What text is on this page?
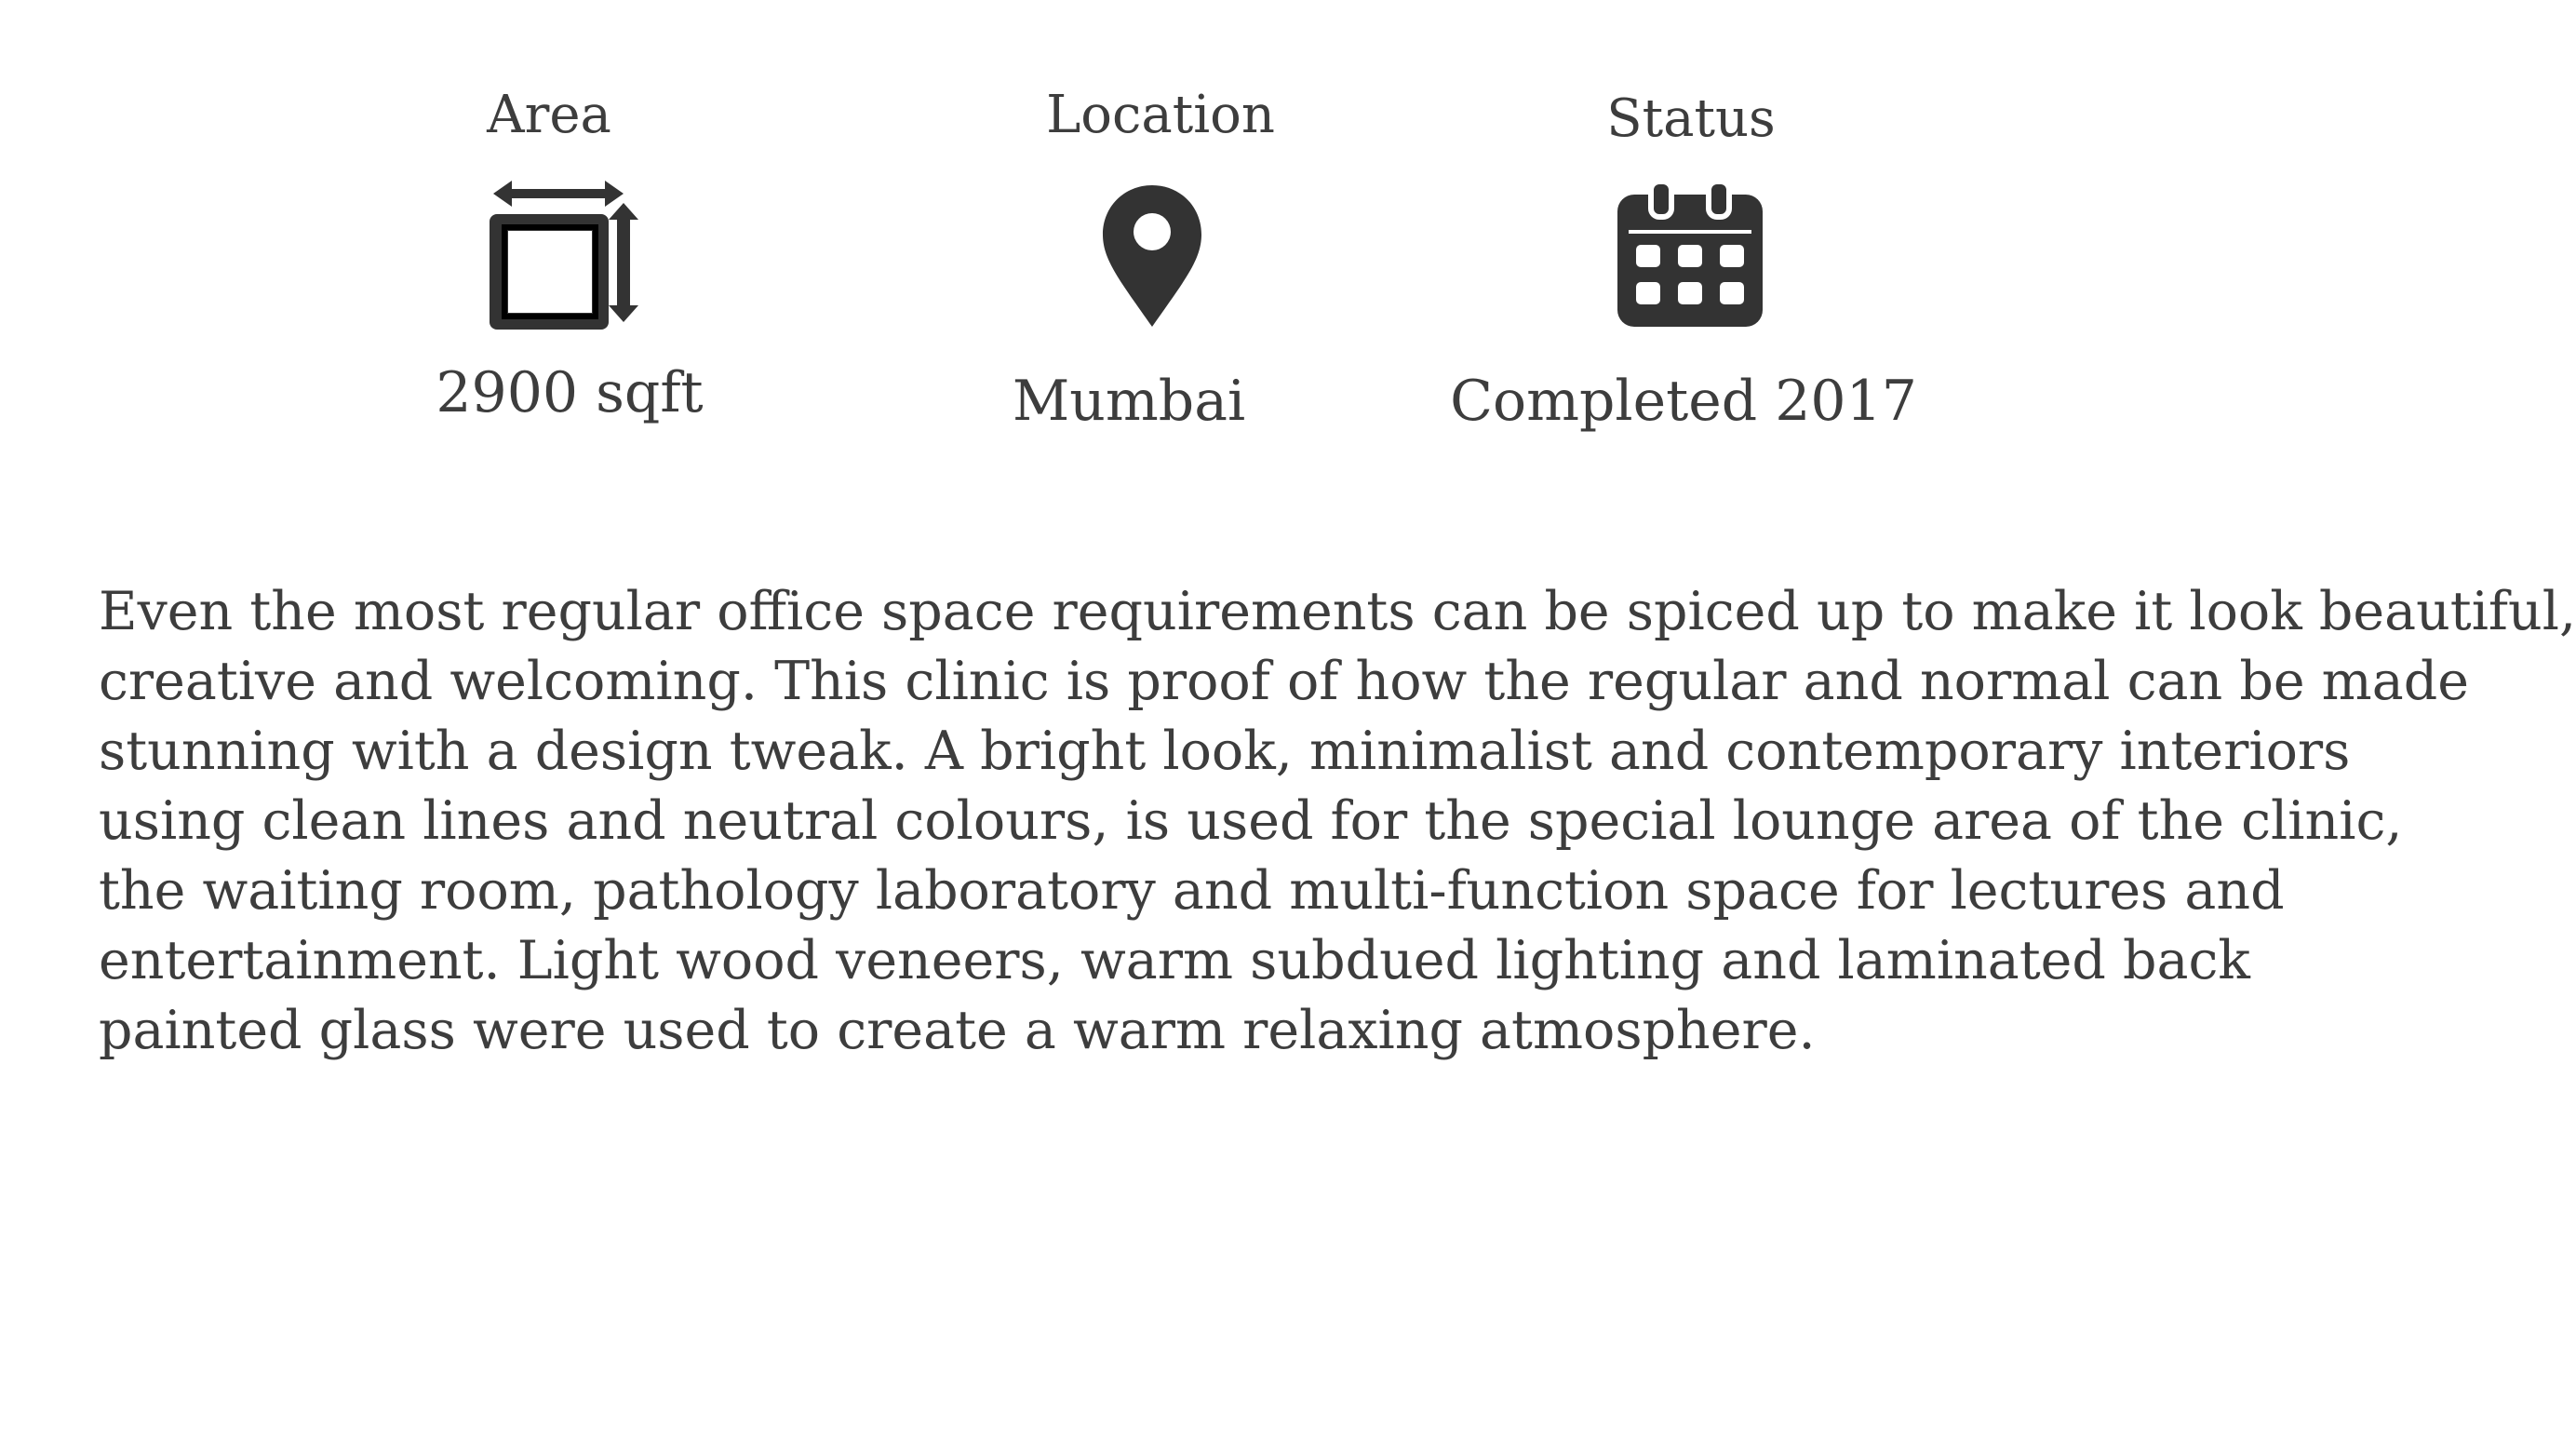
Area
2900 sqft
Location
Mumbai
Status
Completed 2017

Even the most regular office space requirements can be spiced up to make it look beautiful,
creative and welcoming. This clinic is proof of how the regular and normal can be made
stunning with a design tweak. A bright look, minimalist and contemporary interiors
using clean lines and neutral colours, is used for the special lounge area of the clinic,
the waiting room, pathology laboratory and multi-function space for lectures and
entertainment. Light wood veneers, warm subdued lighting and laminated back
painted glass were used to create a warm relaxing atmosphere.
